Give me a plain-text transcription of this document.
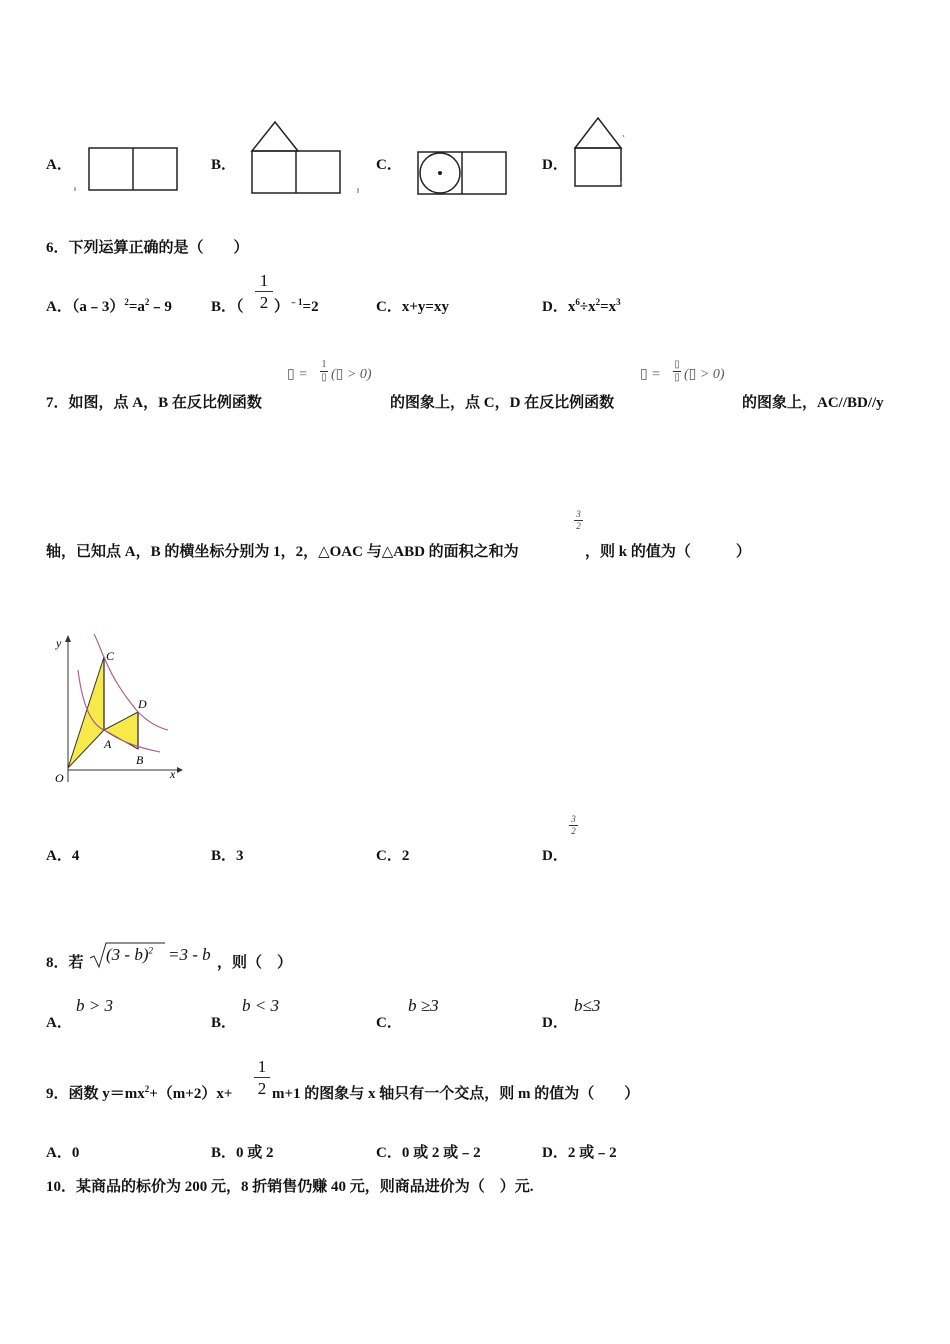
A．	B．	C．	D．
6．下列运算正确的是（　　）
A．$(a﹣3)^2=a^2﹣9$	B．（
1
2 ）$^{﹣1}$=2	C．x+y=xy	D．$x^6\div x^2=x^3$
▯ =
1
▯ (▯ > 0)	▯ =
▯
▯ (▯ > 0)
7．如图，点 A，B 在反比例函数	的图象上，点 C，D 在反比例函数	的图象上，AC//BD//y
轴，已知点 A，B 的横坐标分别为 1，2，△OAC 与△ABD 的面积之和为
3
2
，则 k 的值为（　　　）
y
x
O
C
D
A
B
A．4	B．3	C．2	D．
3
2
8．若 (3 - b)$^2$ =3 - b ，则（　）
A．
b > 3
B．
b < 3
C．
b ≥3
D．
b≤3
9．函数 $y=mx^2+(m+2)x+$
1
2 m+1 的图象与 x 轴只有一个交点，则 m 的值为（　　）
A．0	B．0 或 2	C．0 或 2 或﹣2	D．2 或﹣2
10．某商品的标价为 200 元，8 折销售仍赚 40 元，则商品进价为（　）元.
